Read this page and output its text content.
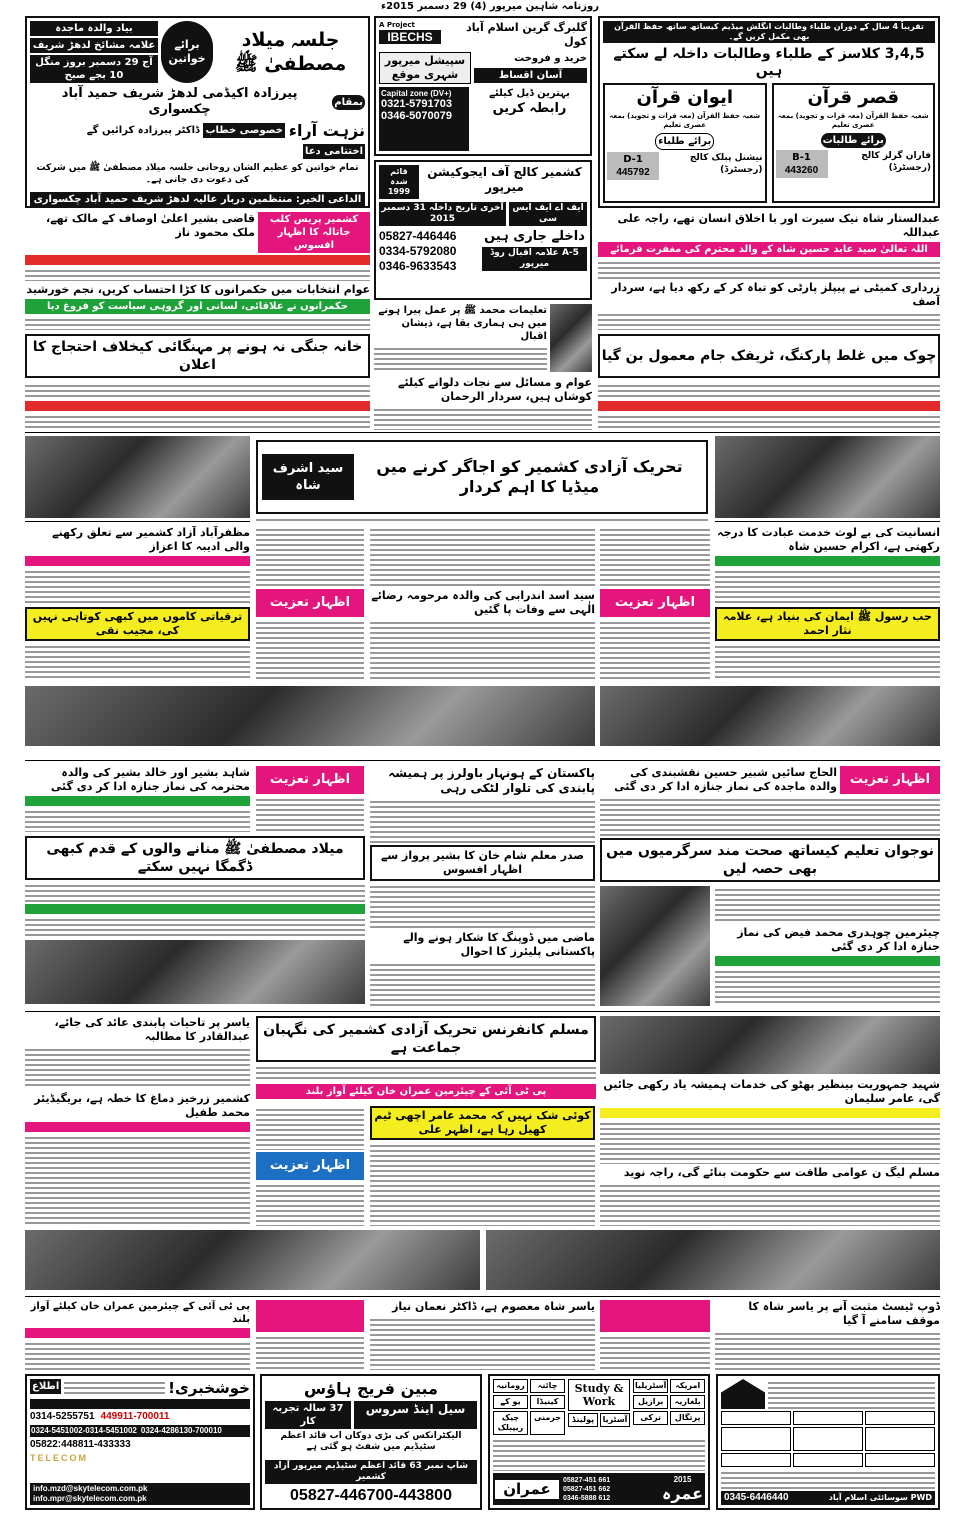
روزنامہ شاہین میرپور (4) 29 دسمبر 2015ء
بیاد والدہ ماجدہ
علامہ مشائخ لدھڑ شریف
آج 29 دسمبر بروز منگل 10 بجے صبح
برائے خواتین
جلسہ میلاد مصطفیٰ ﷺ
بمقام
پیرزادہ اکیڈمی لدھڑ شریف حمید آباد چکسواری
نزہت آراء
خصوصی خطاب
ڈاکٹر پیرزادہ کرائیں گے
اختتامی دعا
تمام خواتین کو عظیم الشان روحانی جلسہ میلاد مصطفیٰ ﷺ میں شرکت کی دعوت دی جاتی ہے۔
الداعی الخیر: منتظمین دربار عالیہ لدھڑ شریف حمید آباد چکسواری
A Project
IBECHS
گلبرگ گرین اسلام آباد کول
سپیشل میرپور شہری موقع
خرید و فروخت
آسان اقساط
Capital zone (DV+)
0321-5791703
0346-5070079
بہترین ڈیل کیلئے
رابطہ کریں
قائم شدہ 1999
کشمیر کالج آف ایجوکیشن میرپور
آخری تاریخ داخلہ 31 دسمبر 2015
ایف اے ایف ایس سی
05827-446446
0334-5792080
0346-9633543
داخلے جاری ہیں
A-5 علامہ اقبال روڈ میرپور
تقریباً 4 سال کے دوران طلباء وطالبات انگلش میڈیم کیساتھ ساتھ حفظ القرآن بھی مکمل کریں گے۔
3,4,5 کلاسز کے طلباء وطالبات داخلہ لے سکتے ہیں
ایوان قرآن
شعبہ حفظ القرآن (معہ قرات و تجوید) بمعہ عصری تعلیم
برائے طلباء
D-1
445792
نیشنل پبلک کالج (رجسٹرڈ)
قصر قرآن
شعبہ حفظ القرآن (معہ قرات و تجوید) بمعہ عصری تعلیم
برائے طالبات
B-1
443260
فاران گرلز کالج (رجسٹرڈ)
عبدالستار شاہ نیک سیرت اور با اخلاق انسان تھے، راجہ علی عبداللہ
اللہ تعالیٰ سید عابد حسین شاہ کے والد محترم کی مغفرت فرمائے
زرداری کمیٹی نے پیپلز پارٹی کو تباہ کر کے رکھ دیا ہے، سردار آصف
قاضی بشیر اعلیٰ اوصاف کے مالک تھے، ملک محمود ناز
کشمیر پریس کلب جاتالہ کا اظہار افسوس
عوام انتخابات میں حکمرانوں کا کڑا احتساب کریں، نجم خورشید
حکمرانوں نے علاقائی، لسانی اور گروہی سیاست کو فروغ دیا	تعلیمات محمد ﷺ پر عمل پیرا ہونے میں ہی ہماری بقا ہے، ذیشان اقبال
خانہ جنگی نہ ہونے پر مہنگائی کیخلاف احتجاج کا اعلان
چوک میں غلط پارکنگ، ٹریفک جام معمول بن گیا
عوام و مسائل سے نجات دلوانے کیلئے کوشاں ہیں، سردار الرحمان
سید اشرف شاہ
تحریک آزادی کشمیر کو اجاگر کرنے میں میڈیا کا اہم کردار
مظفرآباد آزاد کشمیر سے تعلق رکھنے والی ادیبہ کا اعزاز
ترقیاتی کاموں میں کبھی کوتاہی نہیں کی، مجیب نقی
اظہار تعزیت	سید اسد اندرابی کی والدہ مرحومہ رضائے الٰہی سے وفات پا گئیں	اظہار تعزیت
انسانیت کی بے لوث خدمت عبادت کا درجہ رکھتی ہے، اکرام حسین شاہ
حب رسول ﷺ ایمان کی بنیاد ہے، علامہ نثار احمد
شاہد بشیر اور خالد بشیر کی والدہ محترمہ کی نماز جنازہ ادا کر دی گئی	اظہار تعزیت
میلاد مصطفیٰ ﷺ منانے والوں کے قدم کبھی ڈگمگا نہیں سکتے
پاکستان کے ہونہار باولرز پر ہمیشہ پابندی کی تلوار لٹکی رہی
صدر معلم شام خان کا بشیر پرواز سے اظہار افسوس
ماضی میں ڈوپنگ کا شکار ہونے والے پاکستانی پلیئرز کا احوال
الحاج سائیں شبیر حسین نقشبندی کی والدہ ماجدہ کی نماز جنازہ ادا کر دی گئی اظہار تعزیت
نوجوان تعلیم کیساتھ صحت مند سرگرمیوں میں بھی حصہ لیں
چیئرمین چوہدری محمد فیض کی نماز جنازہ ادا کر دی گئی
یاسر پر تاحیات پابندی عائد کی جائے، عبدالقادر کا مطالبہ مسلم کانفرنس تحریک آزادی کشمیر کی نگہبان جماعت ہے
پی ٹی آئی کے چیئرمین عمران خان کیلئے آواز بلند
شہید جمہوریت بینظیر بھٹو کی خدمات ہمیشہ یاد رکھی جائیں گی، عامر سلیمان
مسلم لیگ ن عوامی طاقت سے حکومت بنائے گی، راجہ نوید
کشمیر زرخیز دماغ کا خطہ ہے، بریگیڈیئر محمد طفیل	کوئی شک نہیں کہ محمد عامر اچھی ٹیم کھیل رہا ہے، اظہر علی
اظہار تعزیت
پی ٹی آئی کے چیئرمین عمران خان کیلئے آواز بلند
یاسر شاہ معصوم ہے، ڈاکٹر نعمان نیاز	ڈوپ ٹیسٹ مثبت آنے پر یاسر شاہ کا موقف سامنے آ گیا
اطلاع	خوشخبری!
0314-5255751 449911-700011
0324-5451002-0314-5451002 0324-4286130-700010
05822:448811-433333
TELECOM
info.mzd@skytelecom.com.pk
info.mpr@skytelecom.com.pk
مبین فریج ہاؤس
37 سالہ تجربہ کار
سیل اینڈ سروس
الیکٹرانکس کی بڑی دوکان اب قائد اعظم سٹیڈیم میں شفٹ ہو گئی ہے
شاپ نمبر 63 قائد اعظم سٹیڈیم میرپور آزاد کشمیر
05827-446700-443800
چائنہ
رومانیہ
کینیڈا
یو کے
جرمنی
چیک ریپبلک
Study & Work
پولینڈ	آسٹریا
امریکہ
آسٹریلیا
بلغاریہ
برازیل
پرتگال
ترکی
عمران	05827-451 661
05827-451 662
0346-5888 612
2015
عمرہ
CDA
PWD
CBR
پولیس فاؤنڈیشن
بحریہ ٹاؤن
ڈی ایچ اے
گلبرگ
نیو لاہور
سوان گارڈن
0345-6446440	PWD سوسائٹی اسلام آباد
